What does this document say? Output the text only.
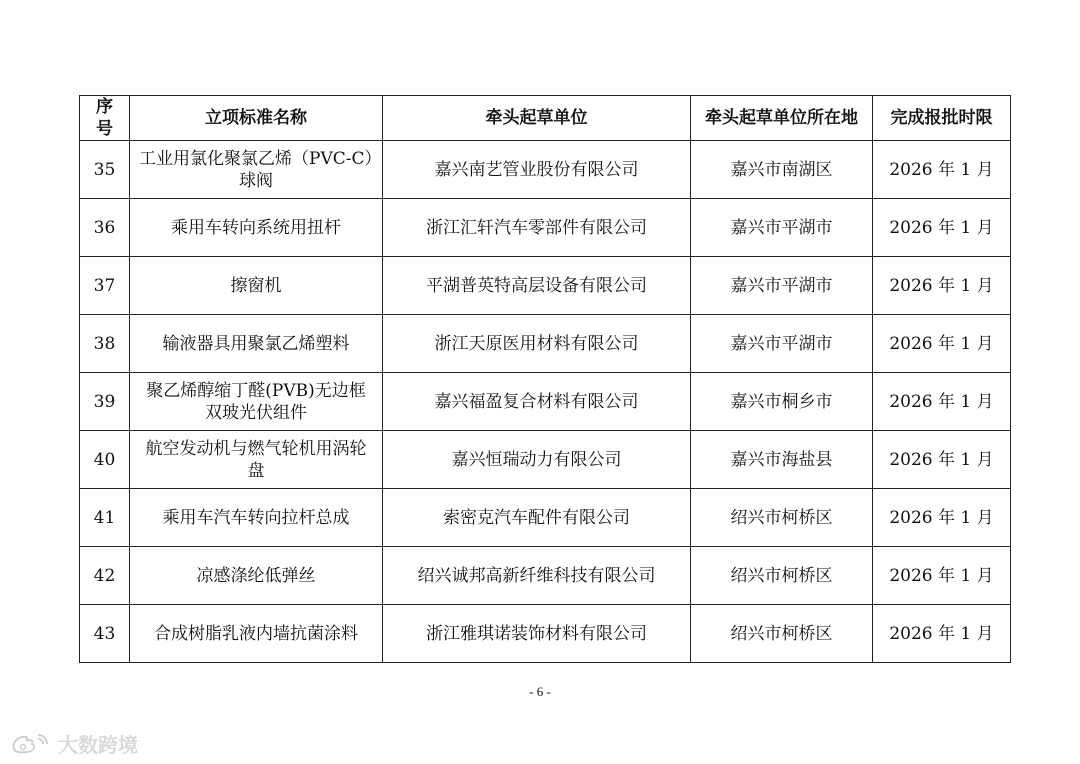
序号	立项标准名称	牵头起草单位	牵头起草单位所在地	完成报批时限
35	工业用氯化聚氯乙烯（PVC-C）球阀	嘉兴南艺管业股份有限公司	嘉兴市南湖区	2026 年 1 月
36	乘用车转向系统用扭杆	浙江汇轩汽车零部件有限公司	嘉兴市平湖市	2026 年 1 月
37	擦窗机	平湖普英特高层设备有限公司	嘉兴市平湖市	2026 年 1 月
38	输液器具用聚氯乙烯塑料	浙江天原医用材料有限公司	嘉兴市平湖市	2026 年 1 月
39	聚乙烯醇缩丁醛(PVB)无边框双玻光伏组件	嘉兴福盈复合材料有限公司	嘉兴市桐乡市	2026 年 1 月
40	航空发动机与燃气轮机用涡轮盘	嘉兴恒瑞动力有限公司	嘉兴市海盐县	2026 年 1 月
41	乘用车汽车转向拉杆总成	索密克汽车配件有限公司	绍兴市柯桥区	2026 年 1 月
42	凉感涤纶低弹丝	绍兴诚邦高新纤维科技有限公司	绍兴市柯桥区	2026 年 1 月
43	合成树脂乳液内墙抗菌涂料	浙江雅琪诺装饰材料有限公司	绍兴市柯桥区	2026 年 1 月
- 6 -
大数跨境
